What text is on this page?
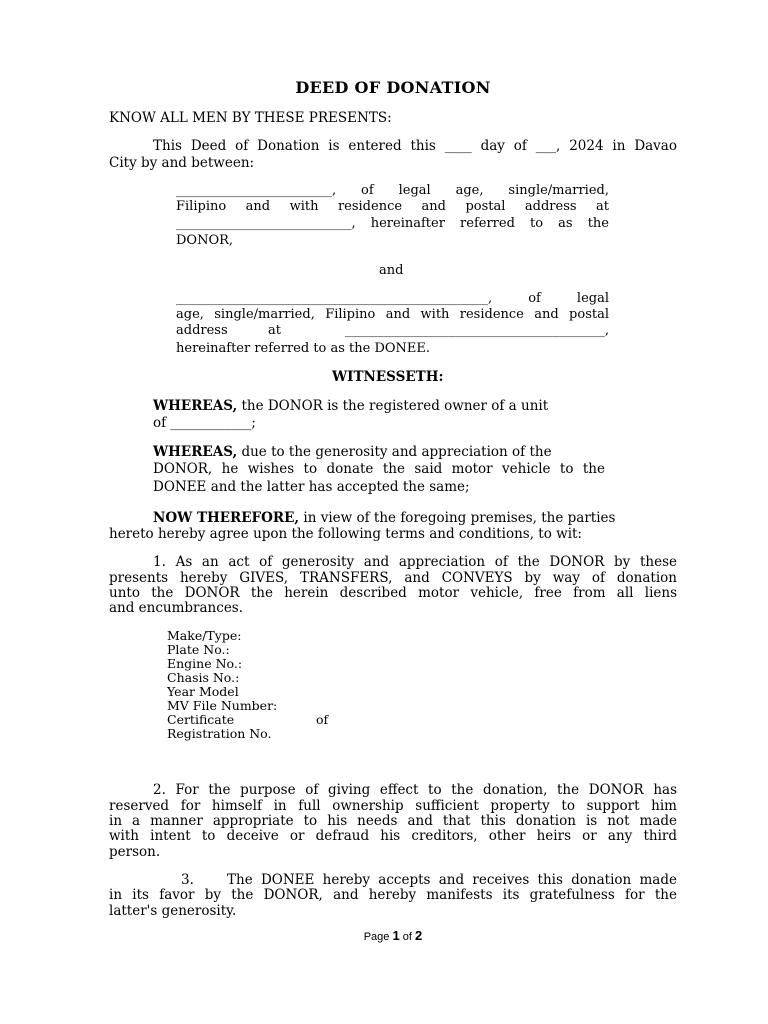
DEED OF DONATION
KNOW ALL MEN BY THESE PRESENTS:
This Deed of Donation is entered this ____ day of ___, 2024 in Davao
City by and between:
________________________, of legal age, single/married,
Filipino and with residence and postal address at
___________________________, hereinafter referred to as the
DONOR,
and
________________________________________________, of legal
age, single/married, Filipino and with residence and postal
address	at	________________________________________,
hereinafter referred to as the DONEE.
WITNESSETH:
WHEREAS, the DONOR is the registered owner of a unit
of ____________;
WHEREAS, due to the generosity and appreciation of the
DONOR, he wishes to donate the said motor vehicle to the
DONEE and the latter has accepted the same;
NOW THEREFORE, in view of the foregoing premises, the parties
hereto hereby agree upon the following terms and conditions, to wit:
1. As an act of generosity and appreciation of the DONOR by these
presents hereby GIVES, TRANSFERS, and CONVEYS by way of donation
unto the DONOR the herein described motor vehicle, free from all liens
and encumbrances.
Make/Type:
Plate No.:
Engine No.:
Chasis No.:
Year Model
MV File Number:
Certificate	of
Registration No.
2. For the purpose of giving effect to the donation, the DONOR has
reserved for himself in full ownership sufficient property to support him
in a manner appropriate to his needs and that this donation is not made
with intent to deceive or defraud his creditors, other heirs or any third
person.
3. The DONEE hereby accepts and receives this donation made
in its favor by the DONOR, and hereby manifests its gratefulness for the
latter's generosity.
Page 1 of 2
